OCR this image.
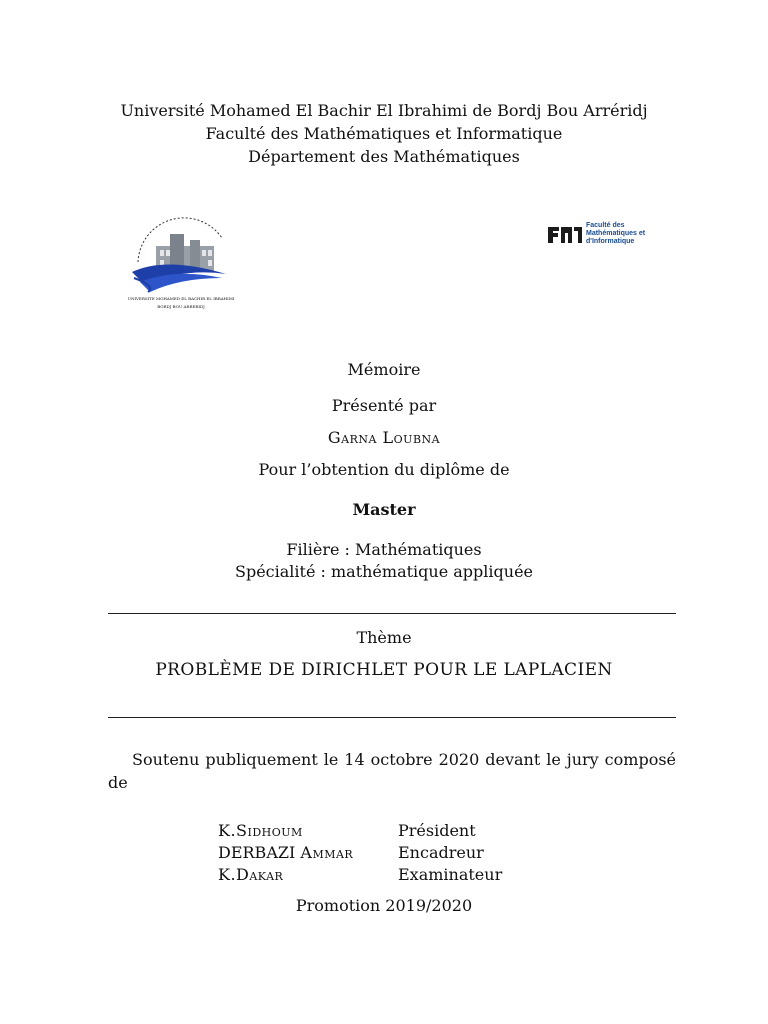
Université Mohamed El Bachir El Ibrahimi de Bordj Bou Arréridj
Faculté des Mathématiques et Informatique
Département des Mathématiques
UNIVERSITE MOHAMED EL BACHIR EL IBRAHIMI
BORDJ BOU ARRERIDJ
Faculté des
Mathématiques et
d'Informatique
Mémoire
Présenté par
Garna Loubna
Pour l’obtention du diplôme de
Master
Filière : Mathématiques
Spécialité : mathématique appliquée
Thème
PROBLÈME DE DIRICHLET POUR LE LAPLACIEN
Soutenu publiquement le 14 octobre 2020 devant le jury composé de
K.Sidhoum	Président
DERBAZI Ammar	Encadreur
K.Dakar	Examinateur
Promotion 2019/2020
